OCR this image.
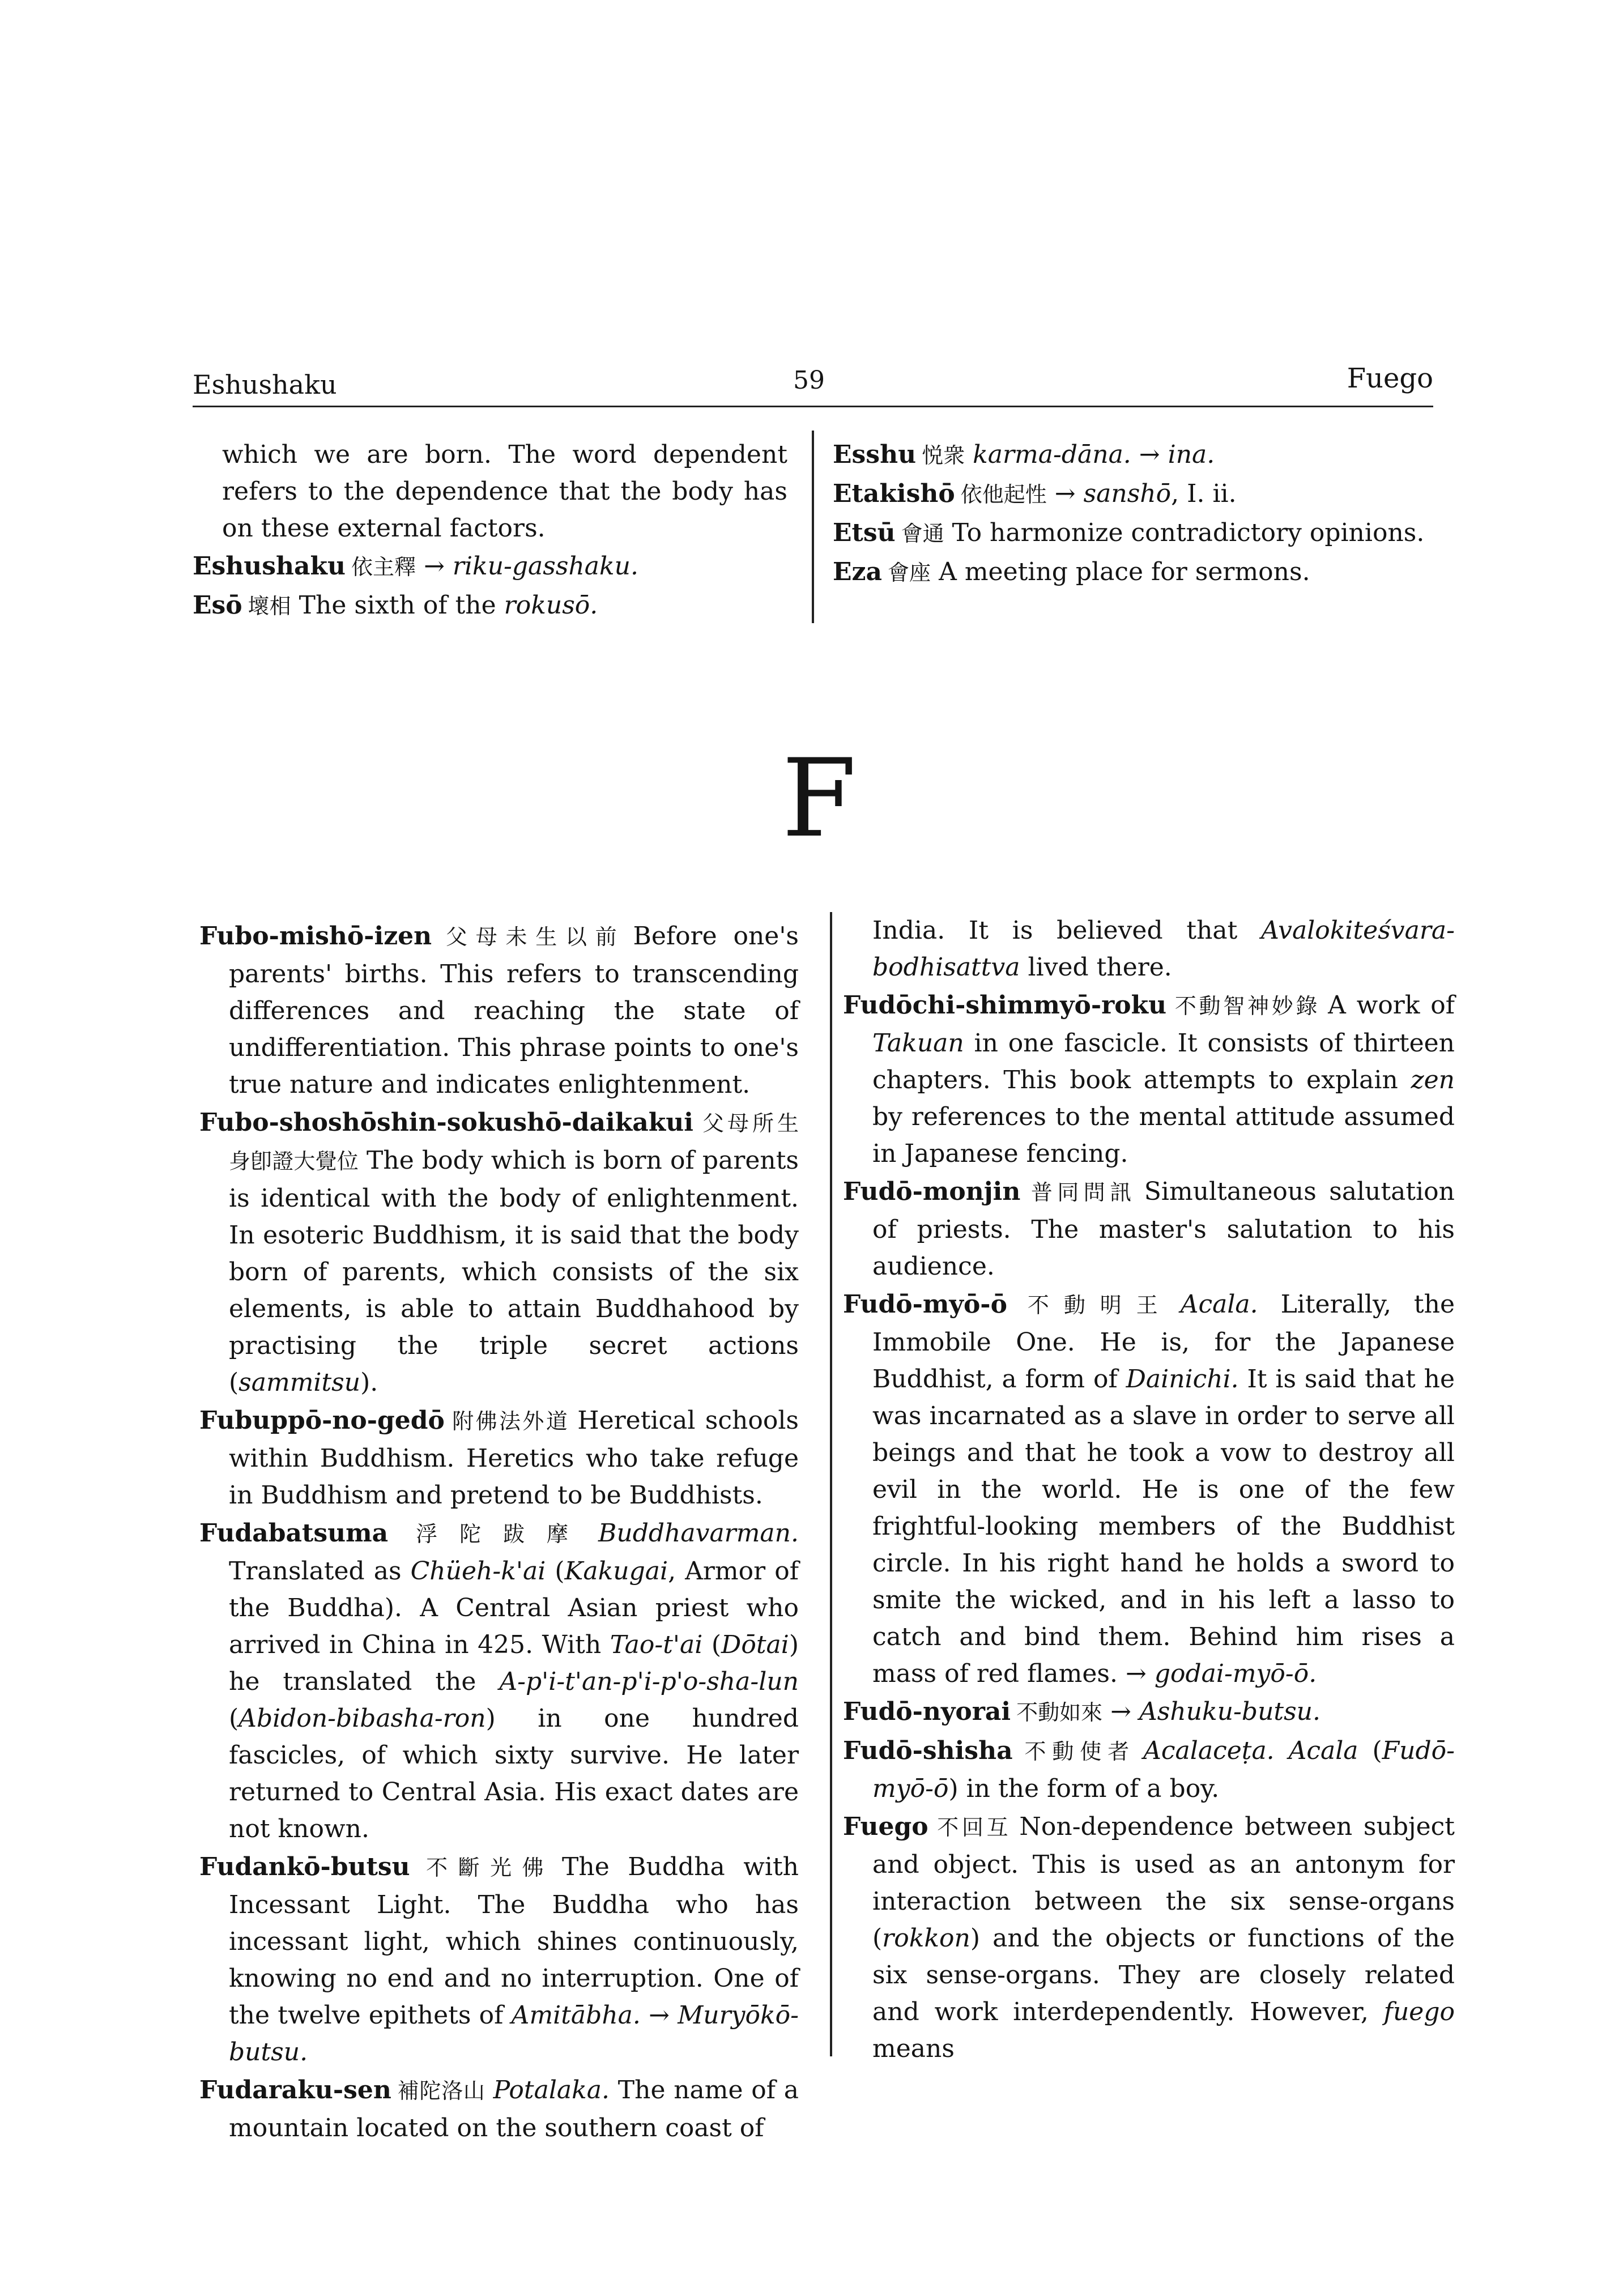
Eshushaku	59	Fuego

which we are born. The word dependent refers to the dependence that the body has on these external factors.

Eshushaku 依主釋 → riku-gasshaku.

Esō 壞相 The sixth of the rokusō.

Esshu 悦衆 karma-dāna. → ina.

Etakishō 依他起性 → sanshō, I. ii.

Etsū 會通 To harmonize contradictory opinions.

Eza 會座 A meeting place for sermons.

F

Fubo-mishō-izen 父母未生以前 Before one's parents' births. This refers to transcending differences and reaching the state of undifferentiation. This phrase points to one's true nature and indicates enlightenment.

Fubo-shoshōshin-sokushō-daikakui 父母所生身卽證大覺位 The body which is born of parents is identical with the body of enlightenment. In esoteric Buddhism, it is said that the body born of parents, which consists of the six elements, is able to attain Buddhahood by practising the triple secret actions (sammitsu).

Fubuppō-no-gedō 附佛法外道 Heretical schools within Buddhism. Heretics who take refuge in Buddhism and pretend to be Buddhists.

Fudabatsuma 浮陀跋摩 Buddhavarman. Translated as Chüeh-k'ai (Kakugai, Armor of the Buddha). A Central Asian priest who arrived in China in 425. With Tao-t'ai (Dōtai) he translated the A-p'i-t'an-p'i-p'o-sha-lun (Abidon-bibasha-ron) in one hundred fascicles, of which sixty survive. He later returned to Central Asia. His exact dates are not known.

Fudankō-butsu 不斷光佛 The Buddha with Incessant Light. The Buddha who has incessant light, which shines continuously, knowing no end and no interruption. One of the twelve epithets of Amitābha. → Muryōkō-butsu.

Fudaraku-sen 補陀洛山 Potalaka. The name of a mountain located on the southern coast of

India. It is believed that Avalokiteśvara-bodhisattva lived there.

Fudōchi-shimmyō-roku 不動智神妙錄 A work of Takuan in one fascicle. It consists of thirteen chapters. This book attempts to explain zen by references to the mental attitude assumed in Japanese fencing.

Fudō-monjin 普同問訊 Simultaneous salutation of priests. The master's salutation to his audience.

Fudō-myō-ō 不動明王 Acala. Literally, the Immobile One. He is, for the Japanese Buddhist, a form of Dainichi. It is said that he was incarnated as a slave in order to serve all beings and that he took a vow to destroy all evil in the world. He is one of the few frightful-looking members of the Buddhist circle. In his right hand he holds a sword to smite the wicked, and in his left a lasso to catch and bind them. Behind him rises a mass of red flames. → godai-myō-ō.

Fudō-nyorai 不動如來 → Ashuku-butsu.

Fudō-shisha 不動使者 Acalaceṭa. Acala (Fudō-myō-ō) in the form of a boy.

Fuego 不回互 Non-dependence between subject and object. This is used as an antonym for interaction between the six sense-organs (rokkon) and the objects or functions of the six sense-organs. They are closely related and work interdependently. However, fuego means
